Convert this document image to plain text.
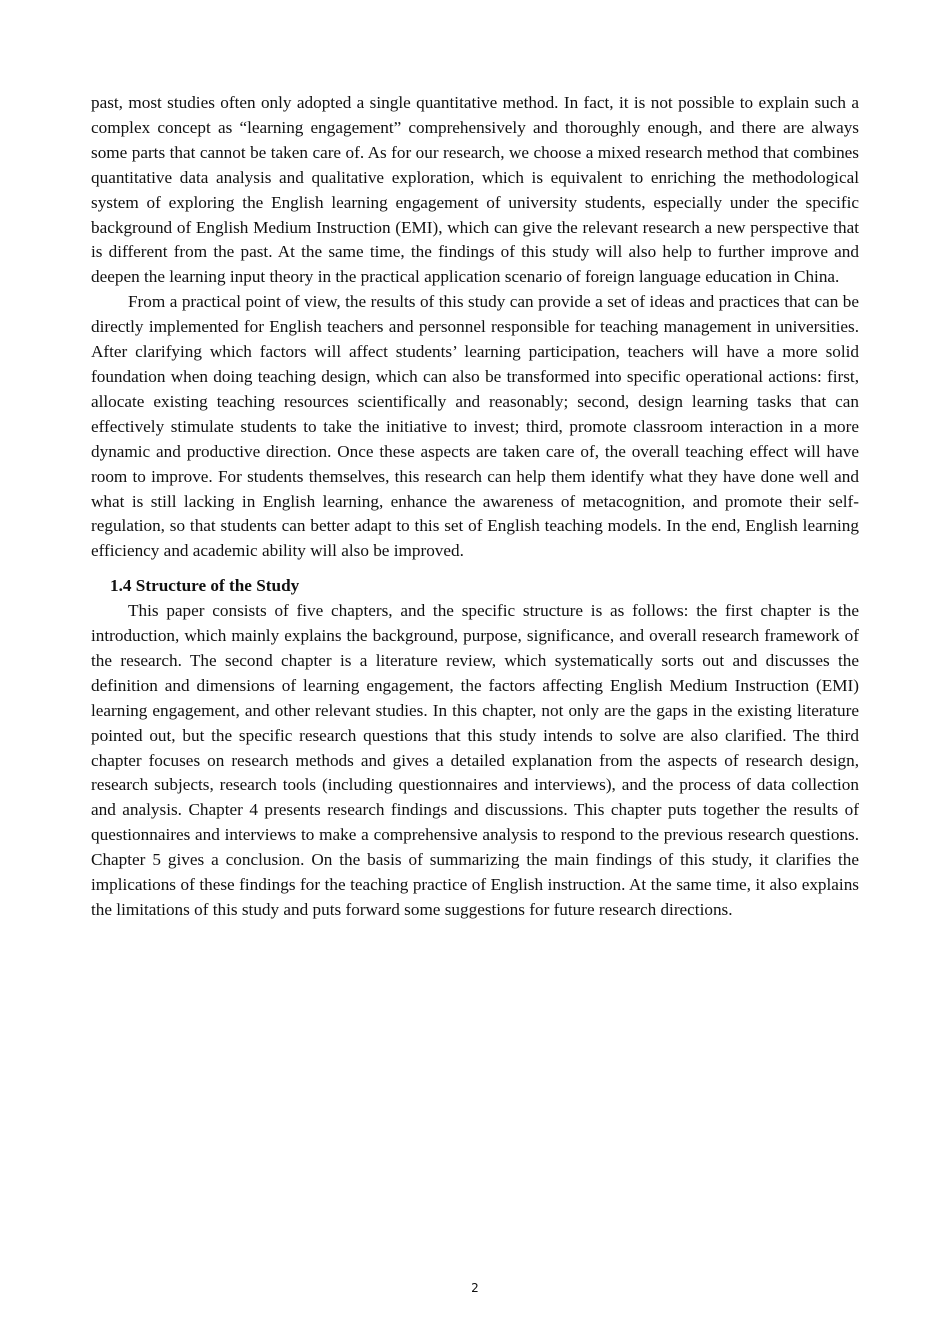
past, most studies often only adopted a single quantitative method. In fact, it is not possible to explain such a complex concept as “learning engagement” comprehensively and thoroughly enough, and there are always some parts that cannot be taken care of. As for our research, we choose a mixed research method that combines quantitative data analysis and qualitative exploration, which is equivalent to enriching the methodological system of exploring the English learning engagement of university students, especially under the specific background of English Medium Instruction (EMI), which can give the relevant research a new perspective that is different from the past. At the same time, the findings of this study will also help to further improve and deepen the learning input theory in the practical application scenario of foreign language education in China.

From a practical point of view, the results of this study can provide a set of ideas and practices that can be directly implemented for English teachers and personnel responsible for teaching management in universities. After clarifying which factors will affect students’ learning participation, teachers will have a more solid foundation when doing teaching design, which can also be transformed into specific operational actions: first, allocate existing teaching resources scientifically and reasonably; second, design learning tasks that can effectively stimulate students to take the initiative to invest; third, promote classroom interaction in a more dynamic and productive direction. Once these aspects are taken care of, the overall teaching effect will have room to improve. For students themselves, this research can help them identify what they have done well and what is still lacking in English learning, enhance the awareness of metacognition, and promote their self-regulation, so that students can better adapt to this set of English teaching models. In the end, English learning efficiency and academic ability will also be improved.

1.4 Structure of the Study

This paper consists of five chapters, and the specific structure is as follows: the first chapter is the introduction, which mainly explains the background, purpose, significance, and overall research framework of the research. The second chapter is a literature review, which systematically sorts out and discusses the definition and dimensions of learning engagement, the factors affecting English Medium Instruction (EMI) learning engagement, and other relevant studies. In this chapter, not only are the gaps in the existing literature pointed out, but the specific research questions that this study intends to solve are also clarified. The third chapter focuses on research methods and gives a detailed explanation from the aspects of research design, research subjects, research tools (including questionnaires and interviews), and the process of data collection and analysis. Chapter 4 presents research findings and discussions. This chapter puts together the results of questionnaires and interviews to make a comprehensive analysis to respond to the previous research questions. Chapter 5 gives a conclusion. On the basis of summarizing the main findings of this study, it clarifies the implications of these findings for the teaching practice of English instruction. At the same time, it also explains the limitations of this study and puts forward some suggestions for future research directions.

2
